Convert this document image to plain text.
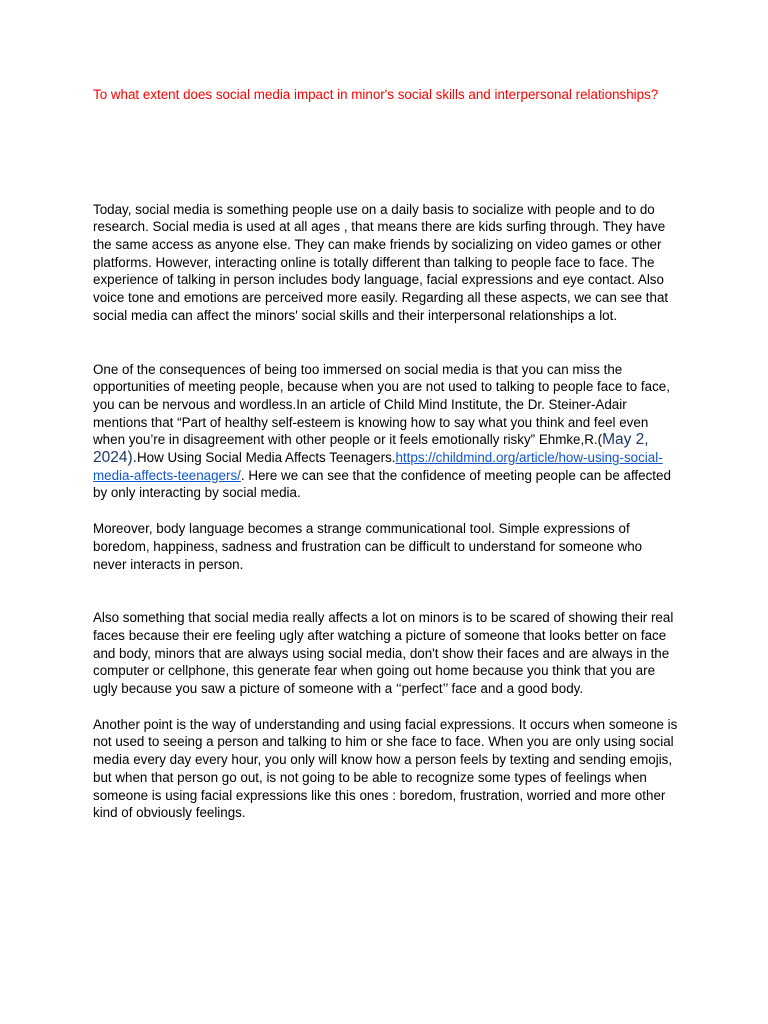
To what extent does social media impact in minor's social skills and interpersonal relationships?

Today, social media is something people use on a daily basis to socialize with people and to do research. Social media is used at all ages , that means there are kids surfing through. They have the same access as anyone else. They can make friends by socializing on video games or other platforms. However, interacting online is totally different than talking to people face to face. The experience of talking in person includes body language, facial expressions and eye contact. Also voice tone and emotions are perceived more easily. Regarding all these aspects, we can see that social media can affect the minors' social skills and their interpersonal relationships a lot.

One of the consequences of being too immersed on social media is that you can miss the opportunities of meeting people, because when you are not used to talking to people face to face, you can be nervous and wordless.In an article of Child Mind Institute, the Dr. Steiner-Adair mentions that “Part of healthy self-esteem is knowing how to say what you think and feel even when you’re in disagreement with other people or it feels emotionally risky” Ehmke,R.(May 2, 2024).How Using Social Media Affects Teenagers.https://childmind.org/article/how-using-social-media-affects-teenagers/. Here we can see that the confidence of meeting people can be affected by only interacting by social media.

Moreover, body language becomes a strange communicational tool. Simple expressions of boredom, happiness, sadness and frustration can be difficult to understand for someone who never interacts in person.

Also something that social media really affects a lot on minors is to be scared of showing their real faces because their ere feeling ugly after watching a picture of someone that looks better on face and body, minors that are always using social media, don't show their faces and are always in the computer or cellphone, this generate fear when going out home because you think that you are ugly because you saw a picture of someone with a ‘‘perfect’’ face and a good body.

Another point is the way of understanding and using facial expressions. It occurs when someone is not used to seeing a person and talking to him or she face to face. When you are only using social media every day every hour, you only will know how a person feels by texting and sending emojis, but when that person go out, is not going to be able to recognize some types of feelings when someone is using facial expressions like this ones : boredom, frustration, worried and more other kind of obviously feelings.
